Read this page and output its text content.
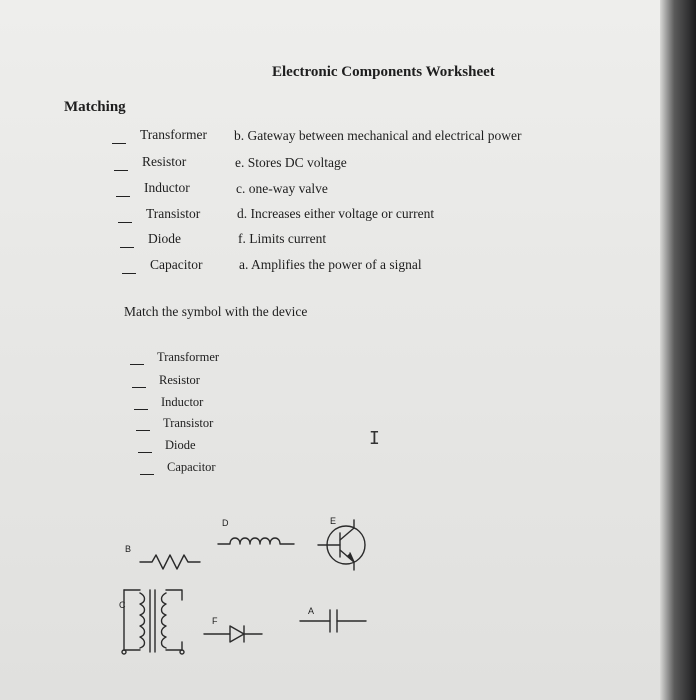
Electronic Components Worksheet
Matching
Transformer
Resistor
Inductor
Transistor
Diode
Capacitor
b. Gateway between mechanical and electrical power
e. Stores DC voltage
c. one-way valve
d. Increases either voltage or current
f. Limits current
a. Amplifies the power of a signal
Match the symbol with the device
Transformer
Resistor
Inductor
Transistor
Diode
Capacitor
I
B
D	E
C
F
A
